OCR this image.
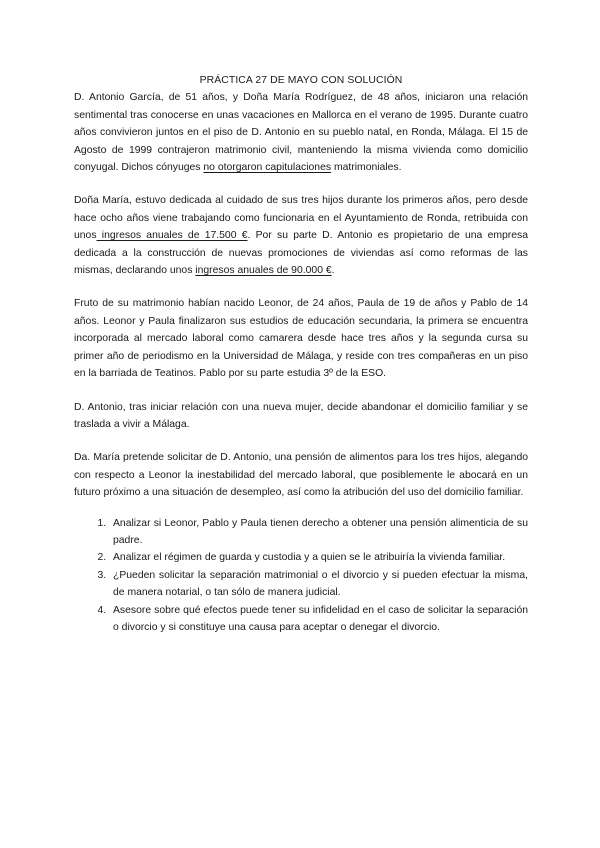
PRÁCTICA 27 DE MAYO CON SOLUCIÓN

D. Antonio García, de 51 años, y Doña María Rodríguez, de 48 años, iniciaron una relación sentimental tras conocerse en unas vacaciones en Mallorca en el verano de 1995. Durante cuatro años convivieron juntos en el piso de D. Antonio en su pueblo natal, en Ronda, Málaga. El 15 de Agosto de 1999 contrajeron matrimonio civil, manteniendo la misma vivienda como domicilio conyugal. Dichos cónyuges no otorgaron capitulaciones matrimoniales.

Doña María, estuvo dedicada al cuidado de sus tres hijos durante los primeros años, pero desde hace ocho años viene trabajando como funcionaria en el Ayuntamiento de Ronda, retribuida con unos ingresos anuales de 17.500 €. Por su parte D. Antonio es propietario de una empresa dedicada a la construcción de nuevas promociones de viviendas así como reformas de las mismas, declarando unos ingresos anuales de 90.000 €.

Fruto de su matrimonio habían nacido Leonor, de 24 años, Paula de 19 de años y Pablo de 14 años. Leonor y Paula finalizaron sus estudios de educación secundaria, la primera se encuentra incorporada al mercado laboral como camarera desde hace tres años y la segunda cursa su primer año de periodismo en la Universidad de Málaga, y reside con tres compañeras en un piso en la barriada de Teatinos. Pablo por su parte estudia 3º de la ESO.

D. Antonio, tras iniciar relación con una nueva mujer, decide abandonar el domicilio familiar y se traslada a vivir a Málaga.

Da. María pretende solicitar de D. Antonio, una pensión de alimentos para los tres hijos, alegando con respecto a Leonor la inestabilidad del mercado laboral, que posiblemente le abocará en un futuro próximo a una situación de desempleo, así como la atribución del uso del domicilio familiar.

1. Analizar si Leonor, Pablo y Paula tienen derecho a obtener una pensión alimenticia de su padre.
2. Analizar el régimen de guarda y custodia y a quien se le atribuiría la vivienda familiar.
3. ¿Pueden solicitar la separación matrimonial o el divorcio y si pueden efectuar la misma, de manera notarial, o tan sólo de manera judicial.
4. Asesore sobre qué efectos puede tener su infidelidad en el caso de solicitar la separación o divorcio y si constituye una causa para aceptar o denegar el divorcio.
